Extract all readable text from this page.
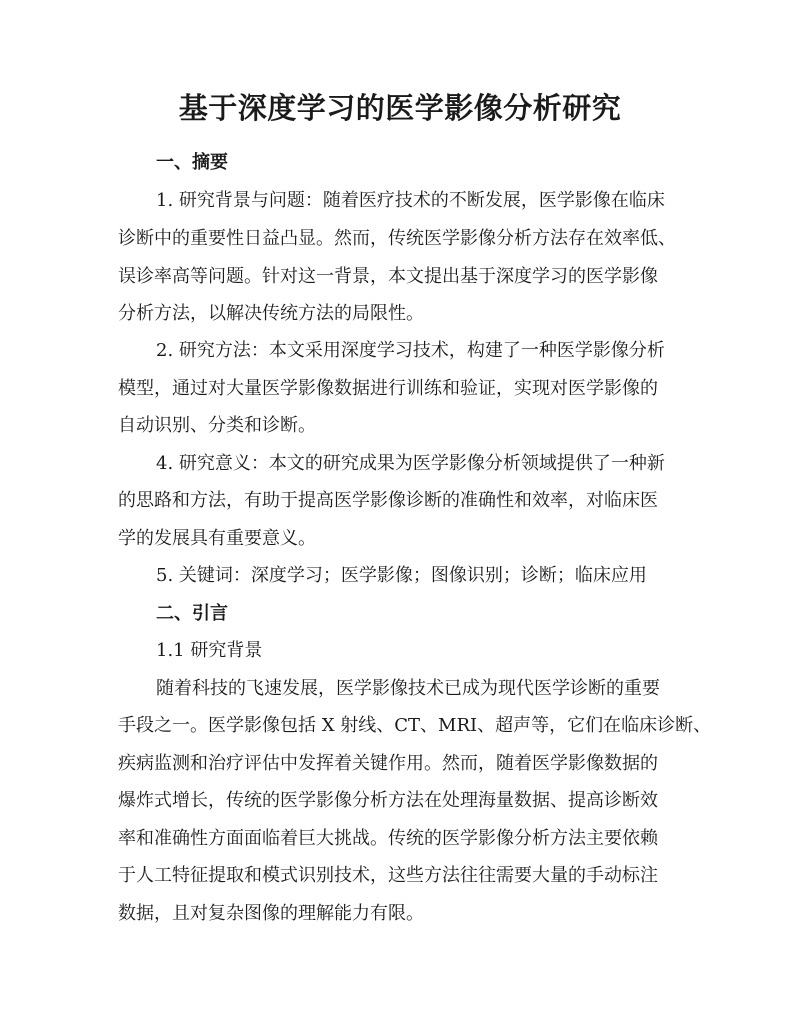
基于深度学习的医学影像分析研究
一、摘要
1. 研究背景与问题：随着医疗技术的不断发展，医学影像在临床
诊断中的重要性日益凸显。然而，传统医学影像分析方法存在效率低、
误诊率高等问题。针对这一背景，本文提出基于深度学习的医学影像
分析方法，以解决传统方法的局限性。
2. 研究方法：本文采用深度学习技术，构建了一种医学影像分析
模型，通过对大量医学影像数据进行训练和验证，实现对医学影像的
自动识别、分类和诊断。
4. 研究意义：本文的研究成果为医学影像分析领域提供了一种新
的思路和方法，有助于提高医学影像诊断的准确性和效率，对临床医
学的发展具有重要意义。
5. 关键词：深度学习；医学影像；图像识别；诊断；临床应用
二、引言
1.1 研究背景
随着科技的飞速发展，医学影像技术已成为现代医学诊断的重要
手段之一。医学影像包括 X 射线、CT、MRI、超声等，它们在临床诊断、
疾病监测和治疗评估中发挥着关键作用。然而，随着医学影像数据的
爆炸式增长，传统的医学影像分析方法在处理海量数据、提高诊断效
率和准确性方面面临着巨大挑战。传统的医学影像分析方法主要依赖
于人工特征提取和模式识别技术，这些方法往往需要大量的手动标注
数据，且对复杂图像的理解能力有限。
